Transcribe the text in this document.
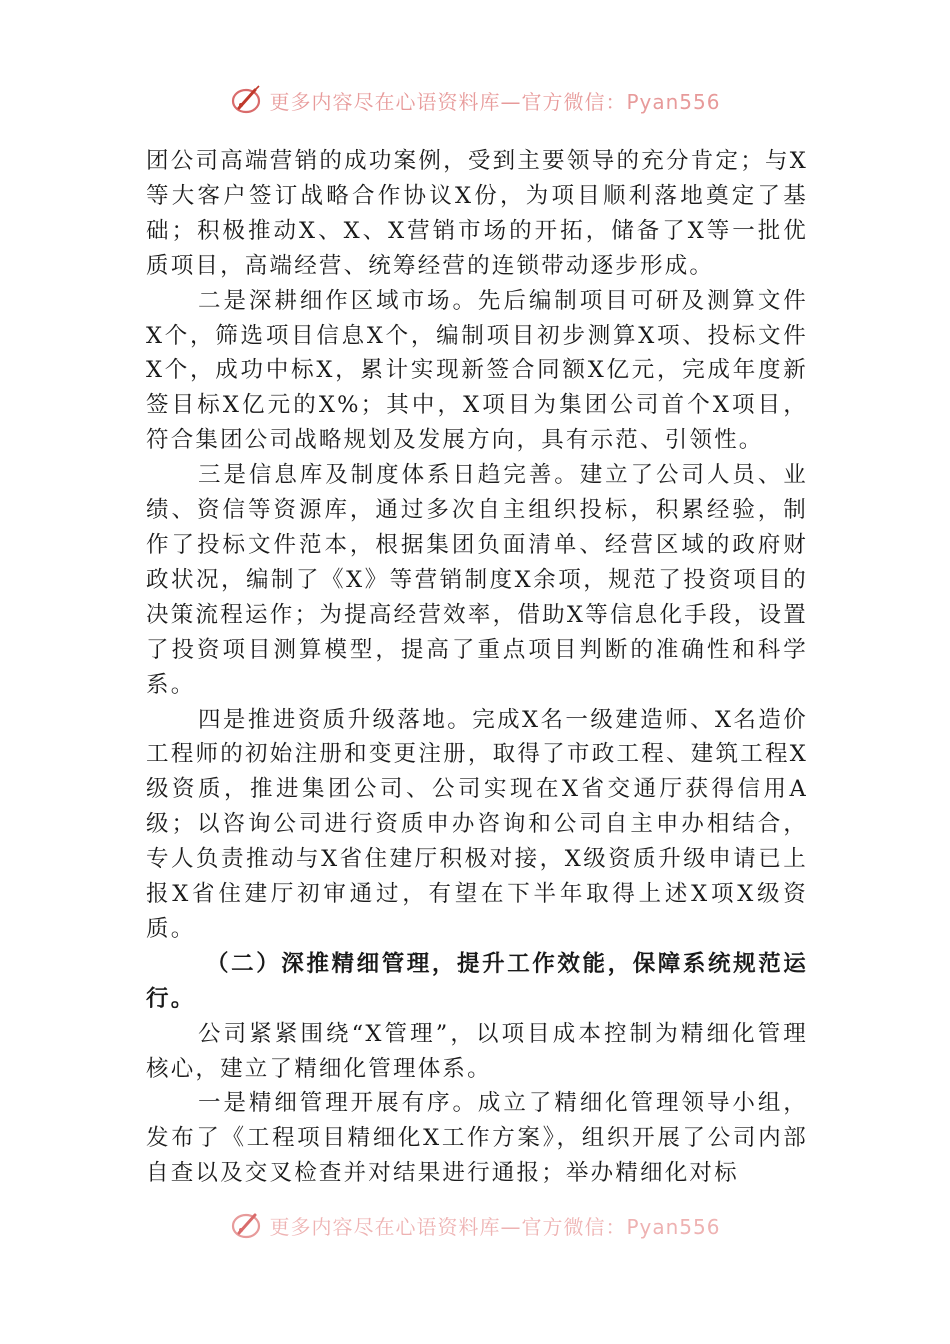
更多内容尽在心语资料库—官方微信：Pyan556

团公司高端营销的成功案例，受到主要领导的充分肯定；与X等大客户签订战略合作协议X份，为项目顺利落地奠定了基础；积极推动X、X、X营销市场的开拓，储备了X等一批优质项目，高端经营、统筹经营的连锁带动逐步形成。

二是深耕细作区域市场。先后编制项目可研及测算文件X个，筛选项目信息X个，编制项目初步测算X项、投标文件X个，成功中标X，累计实现新签合同额X亿元，完成年度新签目标X亿元的X%；其中，X项目为集团公司首个X项目，符合集团公司战略规划及发展方向，具有示范、引领性。

三是信息库及制度体系日趋完善。建立了公司人员、业绩、资信等资源库，通过多次自主组织投标，积累经验，制作了投标文件范本，根据集团负面清单、经营区域的政府财政状况，编制了《X》等营销制度X余项，规范了投资项目的决策流程运作；为提高经营效率，借助X等信息化手段，设置了投资项目测算模型，提高了重点项目判断的准确性和科学系。

四是推进资质升级落地。完成X名一级建造师、X名造价工程师的初始注册和变更注册，取得了市政工程、建筑工程X级资质，推进集团公司、公司实现在X省交通厅获得信用A级；以咨询公司进行资质申办咨询和公司自主申办相结合，专人负责推动与X省住建厅积极对接，X级资质升级申请已上报X省住建厅初审通过，有望在下半年取得上述X项X级资质。

（二）深推精细管理，提升工作效能，保障系统规范运行。

公司紧紧围绕“X管理”，以项目成本控制为精细化管理核心，建立了精细化管理体系。

一是精细管理开展有序。成立了精细化管理领导小组，发布了《工程项目精细化X工作方案》，组织开展了公司内部自查以及交叉检查并对结果进行通报；举办精细化对标

更多内容尽在心语资料库—官方微信：Pyan556
